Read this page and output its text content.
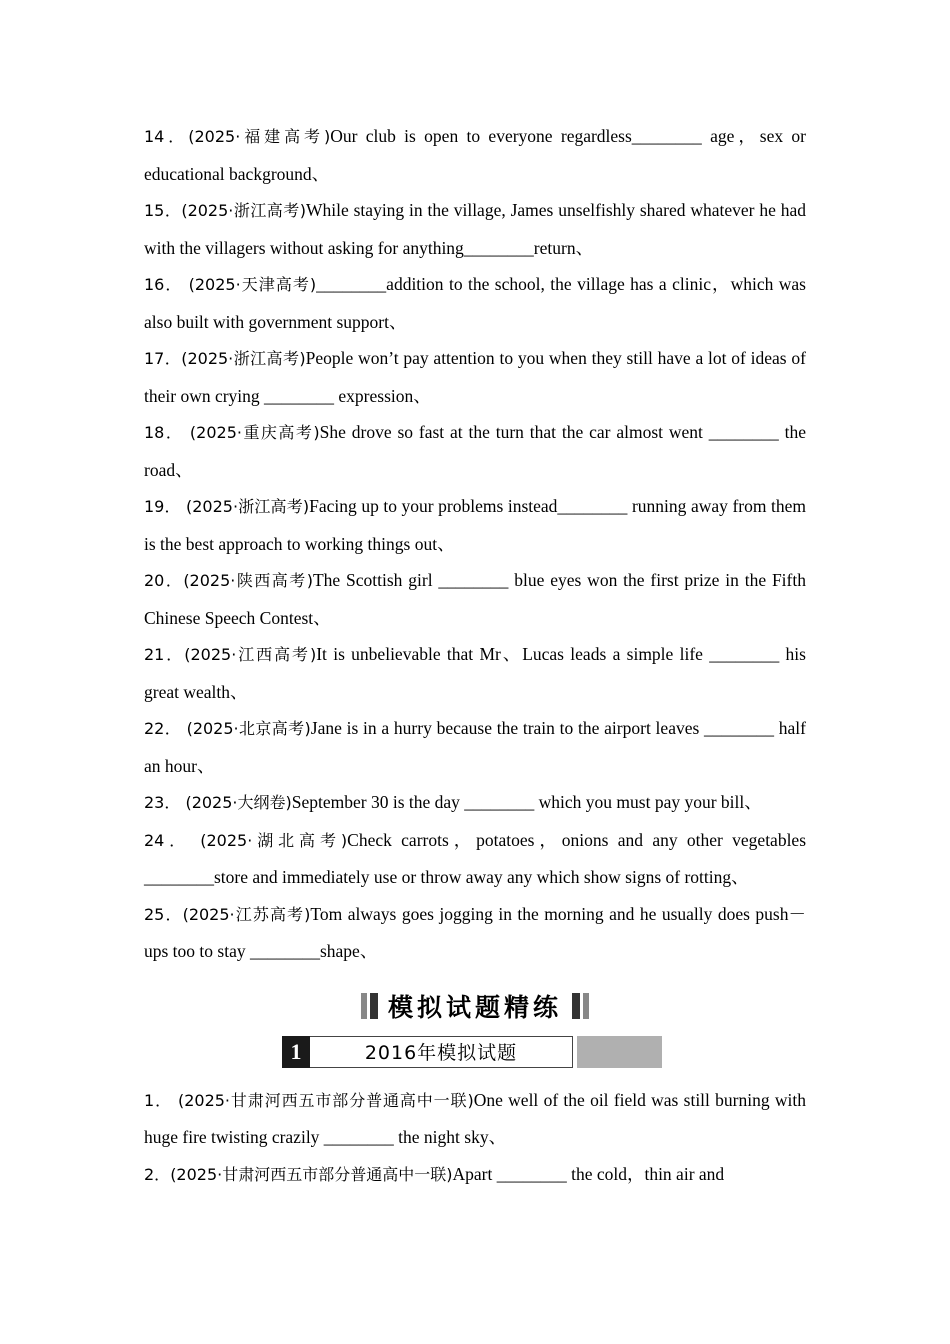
14．(2025·福建高考)Our club is open to everyone regardless________ age，sex or educational background、
15．(2025·浙江高考)While staying in the village, James unselfishly shared whatever he had with the villagers without asking for anything________return、
16． (2025·天津高考)________addition to the school, the village has a clinic，which was also built with government support、
17．(2025·浙江高考)People won’t pay attention to you when they still have a lot of ideas of their own crying ________ expression、
18． (2025·重庆高考)She drove so fast at the turn that the car almost went ________ the road、
19． (2025·浙江高考)Facing up to your problems instead________ running away from them is the best approach to working things out、
20．(2025·陕西高考)The Scottish girl ________ blue eyes won the first prize in the Fifth Chinese Speech Contest、
21．(2025·江西高考)It is unbelievable that Mr、Lucas leads a simple life ________ his great wealth、
22． (2025·北京高考)Jane is in a hurry because the train to the airport leaves ________ half an hour、
23． (2025·大纲卷)September 30 is the day ________ which you must pay your bill、
24． (2025·湖北高考)Check carrots，potatoes，onions and any other vegetables ________store and immediately use or throw away any which show signs of rotting、
25．(2025·江苏高考)Tom always goes jogging in the morning and he usually does push－ups too to stay ________shape、
模拟试题精练
1	2016年模拟试题
1． (2025·甘肃河西五市部分普通高中一联)One well of the oil field was still burning with huge fire twisting crazily ________ the night sky、
2．(2025·甘肃河西五市部分普通高中一联)Apart ________ the cold，thin air and
